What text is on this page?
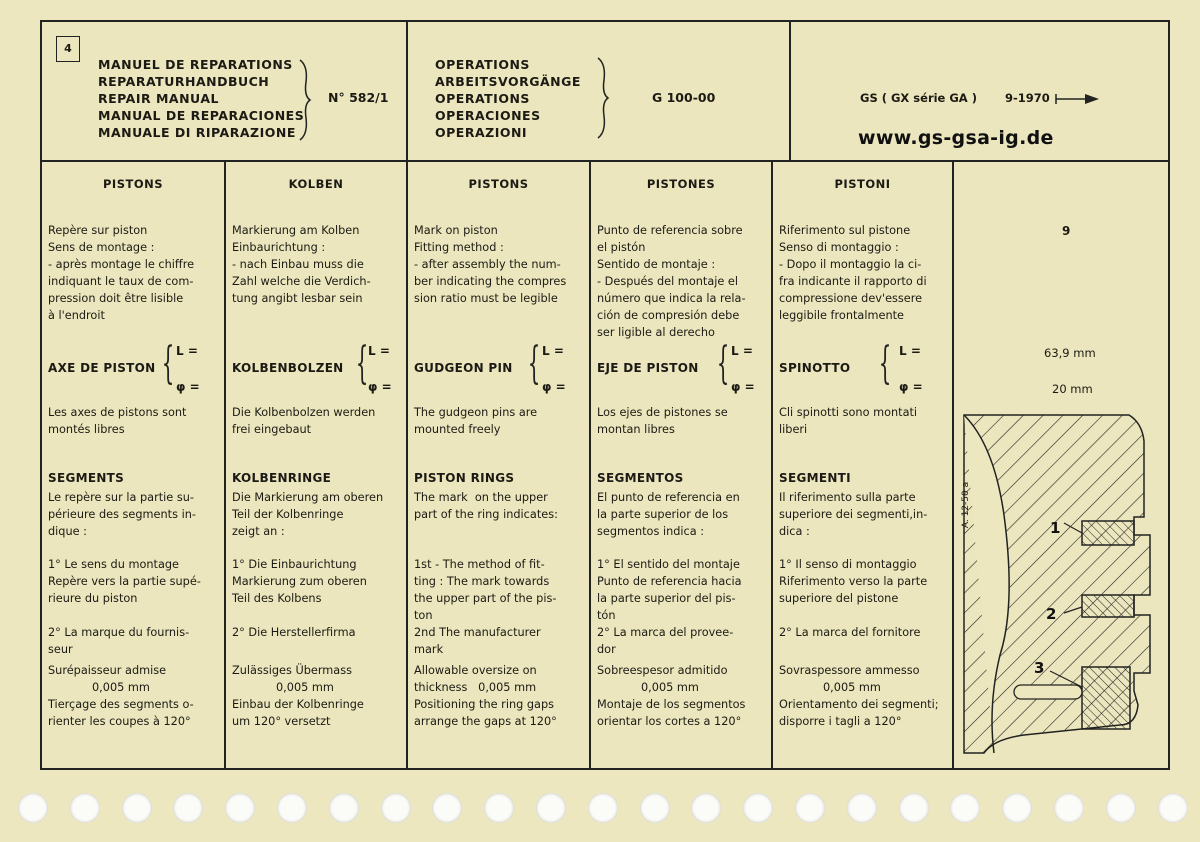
4
MANUEL DE REPARATIONS
REPARATURHANDBUCH
REPAIR MANUAL
MANUAL DE REPARACIONES
MANUALE DI RIPARAZIONE
N° 582/1
OPERATIONS
ARBEITSVORGÄNGE
OPERATIONS
OPERACIONES
OPERAZIONI
G 100-00	GS ( GX série GA ) 9-1970
www.gs-gsa-ig.de
PISTONS
Repère sur piston
Sens de montage :
- après montage le chiffre
indiquant le taux de com-
pression doit être lisible
à l'endroit
AXE DE PISTON { L =
φ =
Les axes de pistons sont
montés libres
SEGMENTS
Le repère sur la partie su-
périeure des segments in-
dique :
1° Le sens du montage
Repère vers la partie supé-
rieure du piston
2° La marque du fournis-
seur
Surépaisseur admise
0,005 mm
Tierçage des segments o-
rienter les coupes à 120°
KOLBEN
Markierung am Kolben
Einbaurichtung :
- nach Einbau muss die
Zahl welche die Verdich-
tung angibt lesbar sein
KOLBENBOLZEN { L =
φ =
Die Kolbenbolzen werden
frei eingebaut
KOLBENRINGE
Die Markierung am oberen
Teil der Kolbenringe
zeigt an :
1° Die Einbaurichtung
Markierung zum oberen
Teil des Kolbens
2° Die Herstellerfirma
Zulässiges Übermass
0,005 mm
Einbau der Kolbenringe
um 120° versetzt
PISTONS
Mark on piston
Fitting method :
- after assembly the num-
ber indicating the compres
sion ratio must be legible
GUDGEON PIN { L =
φ =
The gudgeon pins are
mounted freely
PISTON RINGS
The mark  on the upper
part of the ring indicates:
1st - The method of fit-
ting : The mark towards
the upper part of the pis-
ton
2nd The manufacturer
mark
Allowable oversize on
thickness   0,005 mm
Positioning the ring gaps
arrange the gaps at 120°
PISTONES
Punto de referencia sobre
el pistón
Sentido de montaje :
- Después del montaje el
número que indica la rela-
ción de compresión debe
ser ligible al derecho
EJE DE PISTON { L =
φ =
Los ejes de pistones se
montan libres
SEGMENTOS
El punto de referencia en
la parte superior de los
segmentos indica :
1° El sentido del montaje
Punto de referencia hacia
la parte superior del pis-
tón
2° La marca del provee-
dor
Sobreespesor admitido
0,005 mm
Montaje de los segmentos
orientar los cortes a 120°
PISTONI
Riferimento sul pistone
Senso di montaggio :
- Dopo il montaggio la ci-
fra indicante il rapporto di
compressione dev'essere
leggibile frontalmente
SPINOTTO { L =
φ =
Cli spinotti sono montati
liberi
SEGMENTI
Il riferimento sulla parte
superiore dei segmenti,in-
dica :
1° Il senso di montaggio
Riferimento verso la parte
superiore del pistone
2° La marca del fornitore
Sovraspessore ammesso
0,005 mm
Orientamento dei segmenti;
disporre i tagli a 120°
9
63,9 mm
20 mm
1
2
3
A. 12-50 a
